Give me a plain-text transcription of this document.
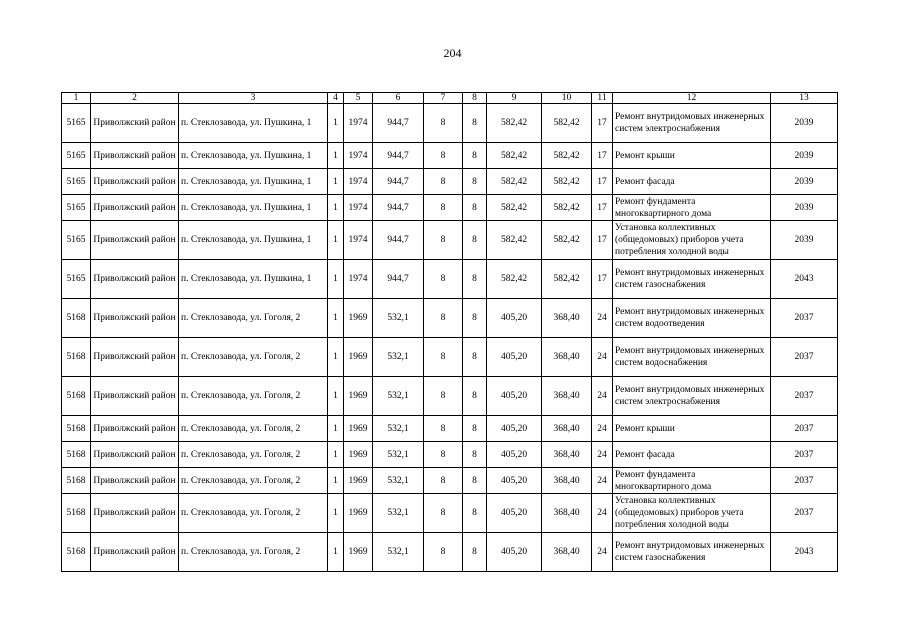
204
1	2	3	4	5	6	7	8	9	10	11	12	13
5165	Приволжский район	п. Стеклозавода, ул. Пушкина, 1	1	1974	944,7	8	8	582,42	582,42	17	Ремонт внутридомовых инженерных систем электроснабжения	2039
5165	Приволжский район	п. Стеклозавода, ул. Пушкина, 1	1	1974	944,7	8	8	582,42	582,42	17	Ремонт крыши	2039
5165	Приволжский район	п. Стеклозавода, ул. Пушкина, 1	1	1974	944,7	8	8	582,42	582,42	17	Ремонт фасада	2039
5165	Приволжский район	п. Стеклозавода, ул. Пушкина, 1	1	1974	944,7	8	8	582,42	582,42	17	Ремонт фундамента многоквартирного дома	2039
5165	Приволжский район	п. Стеклозавода, ул. Пушкина, 1	1	1974	944,7	8	8	582,42	582,42	17	Установка коллективных (общедомовых) приборов учета потребления холодной воды	2039
5165	Приволжский район	п. Стеклозавода, ул. Пушкина, 1	1	1974	944,7	8	8	582,42	582,42	17	Ремонт внутридомовых инженерных систем газоснабжения	2043
5168	Приволжский район	п. Стеклозавода, ул. Гоголя, 2	1	1969	532,1	8	8	405,20	368,40	24	Ремонт внутридомовых инженерных систем водоотведения	2037
5168	Приволжский район	п. Стеклозавода, ул. Гоголя, 2	1	1969	532,1	8	8	405,20	368,40	24	Ремонт внутридомовых инженерных систем водоснабжения	2037
5168	Приволжский район	п. Стеклозавода, ул. Гоголя, 2	1	1969	532,1	8	8	405,20	368,40	24	Ремонт внутридомовых инженерных систем электроснабжения	2037
5168	Приволжский район	п. Стеклозавода, ул. Гоголя, 2	1	1969	532,1	8	8	405,20	368,40	24	Ремонт крыши	2037
5168	Приволжский район	п. Стеклозавода, ул. Гоголя, 2	1	1969	532,1	8	8	405,20	368,40	24	Ремонт фасада	2037
5168	Приволжский район	п. Стеклозавода, ул. Гоголя, 2	1	1969	532,1	8	8	405,20	368,40	24	Ремонт фундамента многоквартирного дома	2037
5168	Приволжский район	п. Стеклозавода, ул. Гоголя, 2	1	1969	532,1	8	8	405,20	368,40	24	Установка коллективных (общедомовых) приборов учета потребления холодной воды	2037
5168	Приволжский район	п. Стеклозавода, ул. Гоголя, 2	1	1969	532,1	8	8	405,20	368,40	24	Ремонт внутридомовых инженерных систем газоснабжения	2043
